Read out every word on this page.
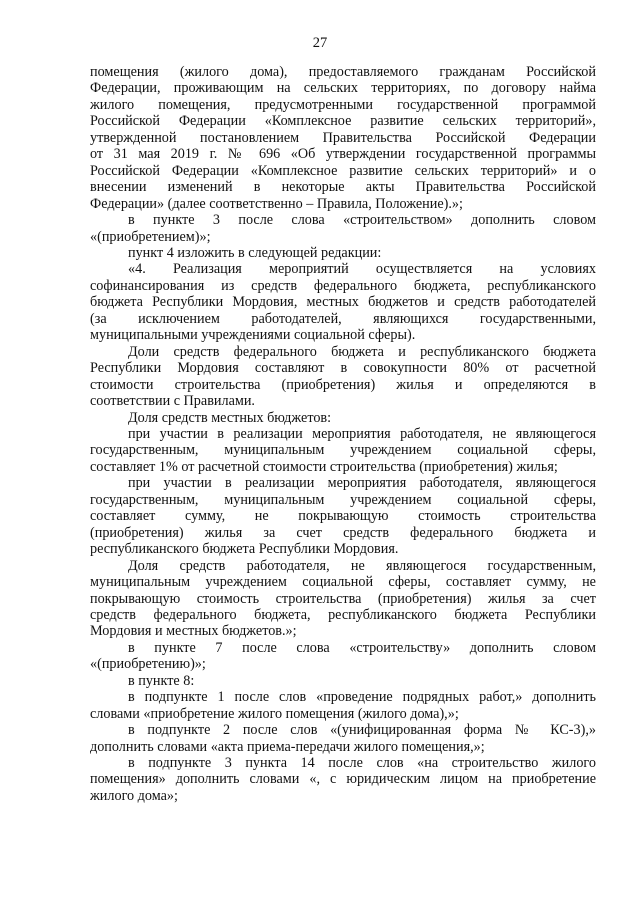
27
помещения (жилого дома), предоставляемого гражданам Российской
Федерации, проживающим на сельских территориях, по договору найма
жилого помещения, предусмотренными государственной программой
Российской Федерации «Комплексное развитие сельских территорий»,
утвержденной постановлением Правительства Российской Федерации
от 31 мая 2019 г. № 696 «Об утверждении государственной программы
Российской Федерации «Комплексное развитие сельских территорий» и о
внесении изменений в некоторые акты Правительства Российской
Федерации» (далее соответственно – Правила, Положение).»;
в пункте 3 после слова «строительством» дополнить словом
«(приобретением)»;
пункт 4 изложить в следующей редакции:
«4. Реализация мероприятий осуществляется на условиях
софинансирования из средств федерального бюджета, республиканского
бюджета Республики Мордовия, местных бюджетов и средств работодателей
(за исключением работодателей, являющихся государственными,
муниципальными учреждениями социальной сферы).
Доли средств федерального бюджета и республиканского бюджета
Республики Мордовия составляют в совокупности 80% от расчетной
стоимости строительства (приобретения) жилья и определяются в
соответствии с Правилами.
Доля средств местных бюджетов:
при участии в реализации мероприятия работодателя, не являющегося
государственным, муниципальным учреждением социальной сферы,
составляет 1% от расчетной стоимости строительства (приобретения) жилья;
при участии в реализации мероприятия работодателя, являющегося
государственным, муниципальным учреждением социальной сферы,
составляет сумму, не покрывающую стоимость строительства
(приобретения) жилья за счет средств федерального бюджета и
республиканского бюджета Республики Мордовия.
Доля средств работодателя, не являющегося государственным,
муниципальным учреждением социальной сферы, составляет сумму, не
покрывающую стоимость строительства (приобретения) жилья за счет
средств федерального бюджета, республиканского бюджета Республики
Мордовия и местных бюджетов.»;
в пункте 7 после слова «строительству» дополнить словом
«(приобретению)»;
в пункте 8:
в подпункте 1 после слов «проведение подрядных работ,» дополнить
словами «приобретение жилого помещения (жилого дома),»;
в подпункте 2 после слов «(унифицированная форма № КС-3),»
дополнить словами «акта приема-передачи жилого помещения,»;
в подпункте 3 пункта 14 после слов «на строительство жилого
помещения» дополнить словами «, с юридическим лицом на приобретение
жилого дома»;
